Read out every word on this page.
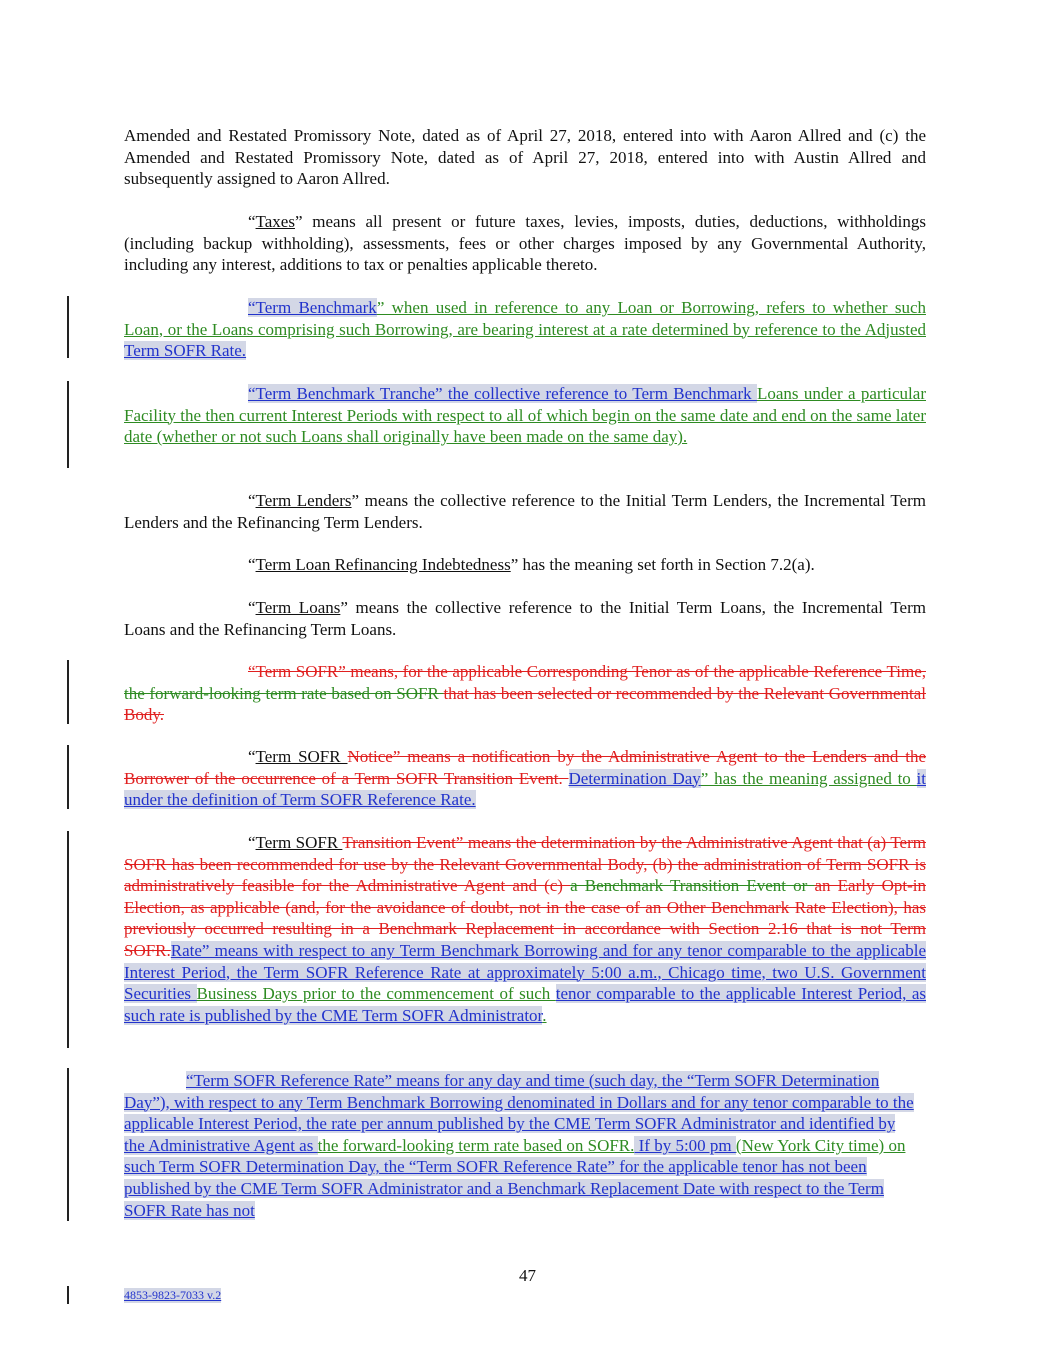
Amended and Restated Promissory Note, dated as of April 27, 2018, entered into with Aaron Allred and (c) the Amended and Restated Promissory Note, dated as of April 27, 2018, entered into with Austin Allred and subsequently assigned to Aaron Allred.

“Taxes” means all present or future taxes, levies, imposts, duties, deductions, withholdings (including backup withholding), assessments, fees or other charges imposed by any Governmental Authority, including any interest, additions to tax or penalties applicable thereto.

“Term Benchmark” when used in reference to any Loan or Borrowing, refers to whether such Loan, or the Loans comprising such Borrowing, are bearing interest at a rate determined by reference to the Adjusted Term SOFR Rate.

“Term Benchmark Tranche” the collective reference to Term Benchmark Loans under a particular Facility the then current Interest Periods with respect to all of which begin on the same date and end on the same later date (whether or not such Loans shall originally have been made on the same day).

“Term Lenders” means the collective reference to the Initial Term Lenders, the Incremental Term Lenders and the Refinancing Term Lenders.

“Term Loan Refinancing Indebtedness” has the meaning set forth in Section 7.2(a).

“Term Loans” means the collective reference to the Initial Term Loans, the Incremental Term Loans and the Refinancing Term Loans.

“Term SOFR” means, for the applicable Corresponding Tenor as of the applicable Reference Time, the forward-looking term rate based on SOFR that has been selected or recommended by the Relevant Governmental Body.

“Term SOFR Notice” means a notification by the Administrative Agent to the Lenders and the Borrower of the occurrence of a Term SOFR Transition Event. Determination Day” has the meaning assigned to it under the definition of Term SOFR Reference Rate.

“Term SOFR Transition Event” means the determination by the Administrative Agent that (a) Term SOFR has been recommended for use by the Relevant Governmental Body, (b) the administration of Term SOFR is administratively feasible for the Administrative Agent and (c) a Benchmark Transition Event or an Early Opt-in Election, as applicable (and, for the avoidance of doubt, not in the case of an Other Benchmark Rate Election), has previously occurred resulting in a Benchmark Replacement in accordance with Section 2.16 that is not Term SOFR.Rate” means with respect to any Term Benchmark Borrowing and for any tenor comparable to the applicable Interest Period, the Term SOFR Reference Rate at approximately 5:00 a.m., Chicago time, two U.S. Government Securities Business Days prior to the commencement of such tenor comparable to the applicable Interest Period, as such rate is published by the CME Term SOFR Administrator.

“Term SOFR Reference Rate” means for any day and time (such day, the “Term SOFR Determination Day”), with respect to any Term Benchmark Borrowing denominated in Dollars and for any tenor comparable to the applicable Interest Period, the rate per annum published by the CME Term SOFR Administrator and identified by the Administrative Agent as the forward-looking term rate based on SOFR. If by 5:00 pm (New York City time) on such Term SOFR Determination Day, the “Term SOFR Reference Rate” for the applicable tenor has not been published by the CME Term SOFR Administrator and a Benchmark Replacement Date with respect to the Term SOFR Rate has not

47
4853-9823-7033 v.2
